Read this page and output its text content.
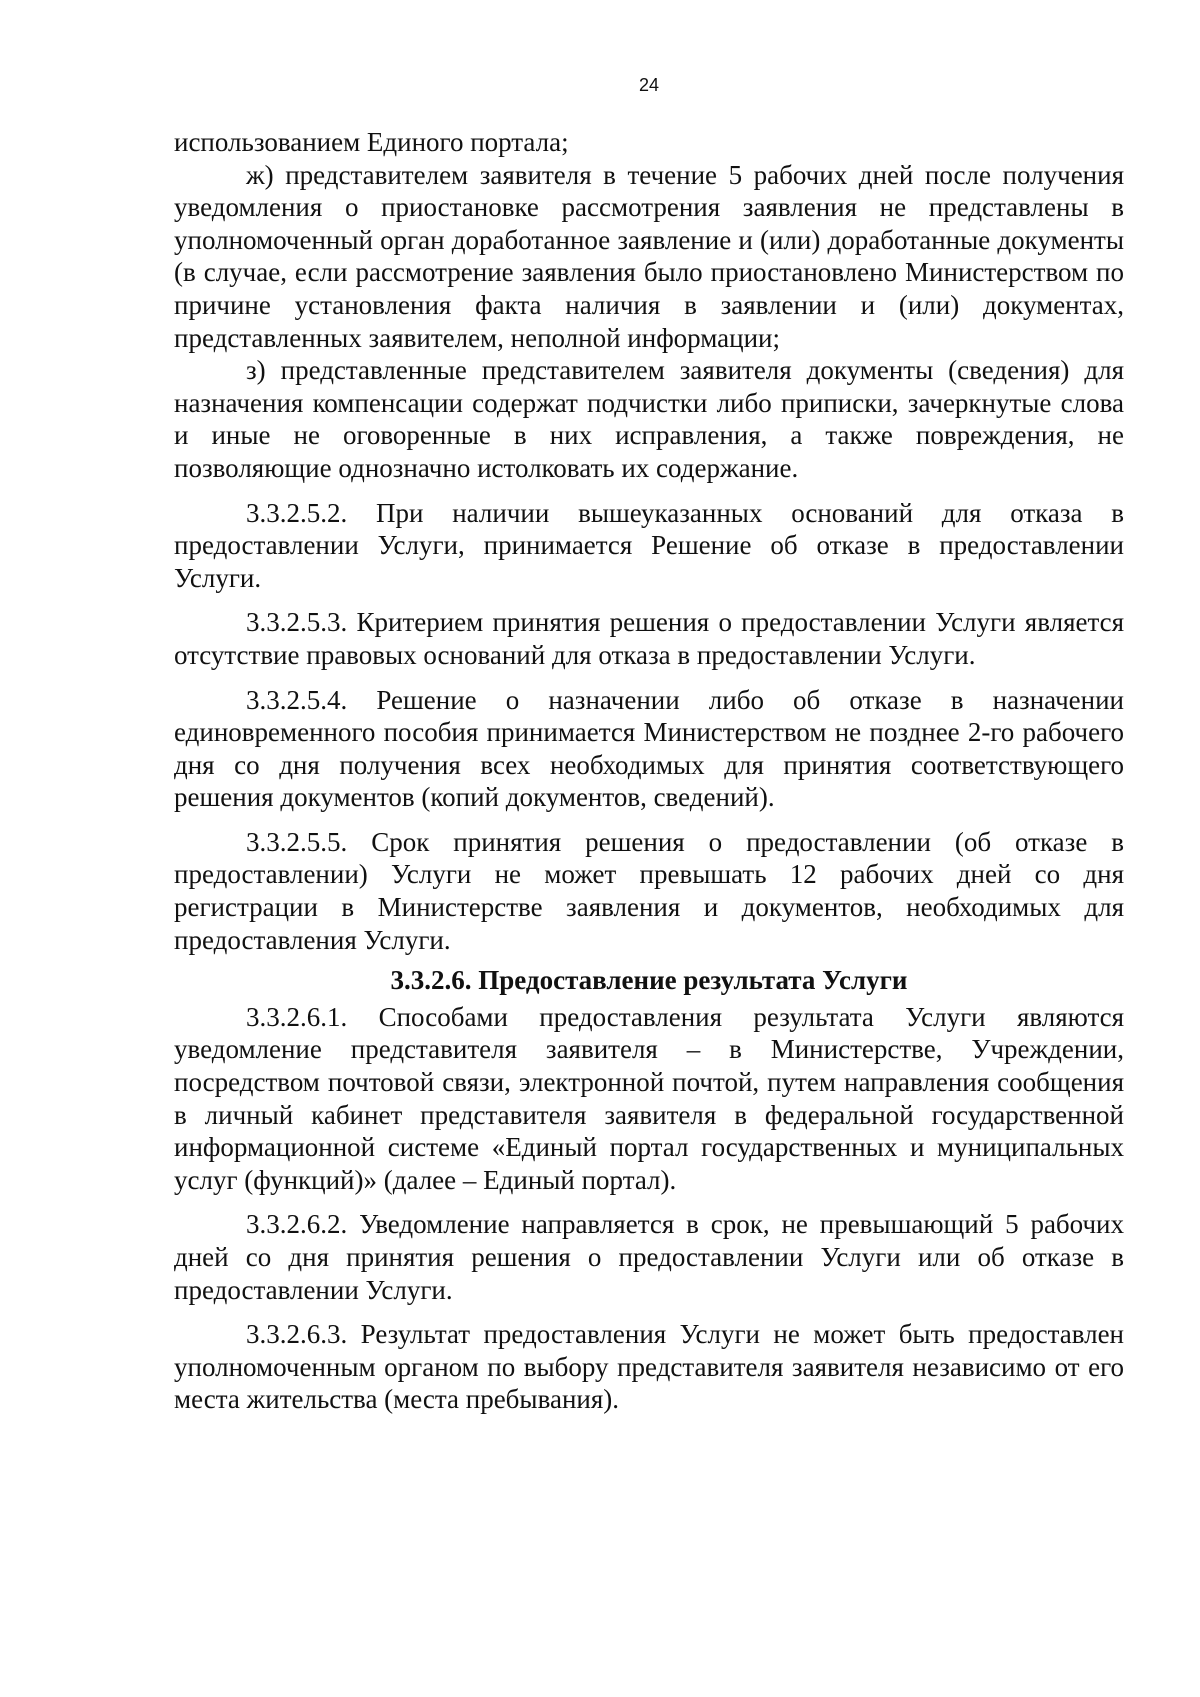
24

использованием Единого портала;

ж) представителем заявителя в течение 5 рабочих дней после получения уведомления о приостановке рассмотрения заявления не представлены в уполномоченный орган доработанное заявление и (или) доработанные документы (в случае, если рассмотрение заявления было приостановлено Министерством по причине установления факта наличия в заявлении и (или) документах, представленных заявителем, неполной информации;

з) представленные представителем заявителя документы (сведения) для назначения компенсации содержат подчистки либо приписки, зачеркнутые слова и иные не оговоренные в них исправления, а также повреждения, не позволяющие однозначно истолковать их содержание.

3.3.2.5.2. При наличии вышеуказанных оснований для отказа в предоставлении Услуги, принимается Решение об отказе в предоставлении Услуги.

3.3.2.5.3. Критерием принятия решения о предоставлении Услуги является отсутствие правовых оснований для отказа в предоставлении Услуги.

3.3.2.5.4. Решение о назначении либо об отказе в назначении единовременного пособия принимается Министерством не позднее 2-го рабочего дня со дня получения всех необходимых для принятия соответствующего решения документов (копий документов, сведений).

3.3.2.5.5. Срок принятия решения о предоставлении (об отказе в предоставлении) Услуги не может превышать 12 рабочих дней со дня регистрации в Министерстве заявления и документов, необходимых для предоставления Услуги.

3.3.2.6. Предоставление результата Услуги

3.3.2.6.1. Способами предоставления результата Услуги являются уведомление представителя заявителя – в Министерстве, Учреждении, посредством почтовой связи, электронной почтой, путем направления сообщения в личный кабинет представителя заявителя в федеральной государственной информационной системе «Единый портал государственных и муниципальных услуг (функций)» (далее – Единый портал).

3.3.2.6.2. Уведомление направляется в срок, не превышающий 5 рабочих дней со дня принятия решения о предоставлении Услуги или об отказе в предоставлении Услуги.

3.3.2.6.3. Результат предоставления Услуги не может быть предоставлен уполномоченным органом по выбору представителя заявителя независимо от его места жительства (места пребывания).
